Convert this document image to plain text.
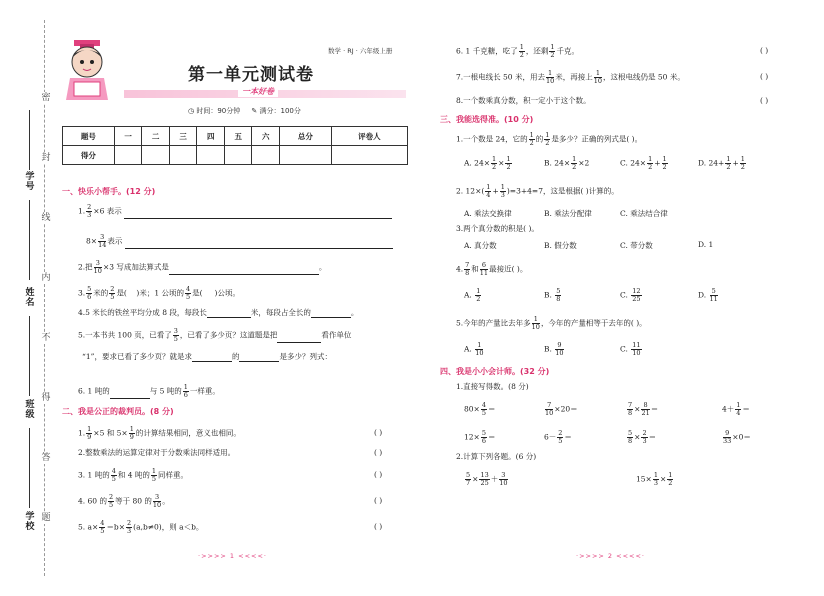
密
封
线
内
不
得
答
题
学号
姓名
班级
学校
数学 · RJ · 六年级上册
第一单元测试卷
一本好卷
◷ 时间：90分钟 ✎ 满分：100分
题号	一	二	三	四	五	六	总分	评卷人
得分								
一、快乐小帮手。(12 分)
1. $\frac{2}{3} \times 6$ 表示
$8\times \frac{3}{14}$ 表示
2.把 $\frac{3}{10} \times 3$ 写成加法算式是	。
3. $\frac{5}{6}$ 米的 $\frac{2}{5}$ 是( )米；1 公顷的 $\frac{4}{5}$ 是( )公顷。
4.5 米长的铁丝平均分成 8 段，每段长	米，每段占全长的	。
5.一本书共 100 页，已看了 $\frac{3}{5}$ ，已看了多少页？这道题是把	看作单位
“1”，要求已看了多少页？就是求	的	是多少？列式：
6. 1 吨的	与 5 吨的 $\frac{1}{6}$ 一样重。
二、我是公正的裁判员。(8 分)
1. $\frac{1}{9} \times 5$ 和 $5\times \frac{1}{9}$ 的计算结果相同，意义也相同。	( )
2.整数乘法的运算定律对于分数乘法同样适用。	( )
3. 1 吨的 $\frac{4}{5}$ 和 4 吨的 $\frac{1}{5}$ 同样重。	( )
4. 60 的 $\frac{2}{5}$ 等于 80 的 $\frac{3}{10}$ 。	( )
5. $a\times \frac{4}{5} =b\times \frac{2}{3} (a,b\ne 0)$，则 a＜b。	( )
·>>>> 1 <<<<·
6. 1 千克糖，吃了 $\frac{1}{2}$ ，还剩 $\frac{1}{2}$ 千克。	( )
7.一根电线长 50 米，用去 $\frac{1}{10}$ 米，再接上 $\frac{1}{10}$ ，这根电线仍是 50 米。	( )
8.一个数乘真分数，积一定小于这个数。	( )
三、我能选得准。(10 分)
1.一个数是 24，它的 $\frac{1}{2}$ 的 $\frac{1}{2}$ 是多少？正确的列式是( )。
A. $24\times \frac{1}{2} \times \frac{1}{2}$	B. $24\times \frac{1}{2} \times 2$	C. $24\times \frac{1}{2} + \frac{1}{2}$	D. $24+ \frac{1}{2} + \frac{1}{2}$
2. $12\times( \frac{1}{4} + \frac{1}{3} )=3+4=7$，这是根据( )计算的。
A. 乘法交换律	B. 乘法分配律	C. 乘法结合律
3.两个真分数的积是( )。
A. 真分数	B. 假分数	C. 带分数	D. 1
4. $\frac{7}{8}$ 和 $\frac{6}{11}$ 最接近( )。
A. $\frac{1}{2}$	B. $\frac{5}{8}$	C. $\frac{12}{25}$	D. $\frac{5}{11}$
5.今年的产量比去年多 $\frac{1}{10}$ ，今年的产量相等于去年的( )。
A. $\frac{1}{10}$	B. $\frac{9}{10}$	C. $\frac{11}{10}$
四、我是小小会计师。(32 分)
1.直接写得数。(8 分)
$80\times \frac{4}{5}$ ＝	$\frac{7}{10} \times 20=$	$\frac{7}{8} \times \frac{8}{21}$ ＝	$4+ \frac{1}{4}$ ＝
$12\times \frac{5}{6}$ ＝	$6- \frac{2}{5}$ ＝	$\frac{5}{8} \times \frac{2}{3}$ ＝	$\frac{9}{33} \times 0=$
2.计算下列各题。(6 分)
$\frac{5}{7} \times \frac{13}{25} + \frac{3}{10}$	$15\times \frac{1}{3} \times \frac{1}{2}$
·>>>> 2 <<<<·
